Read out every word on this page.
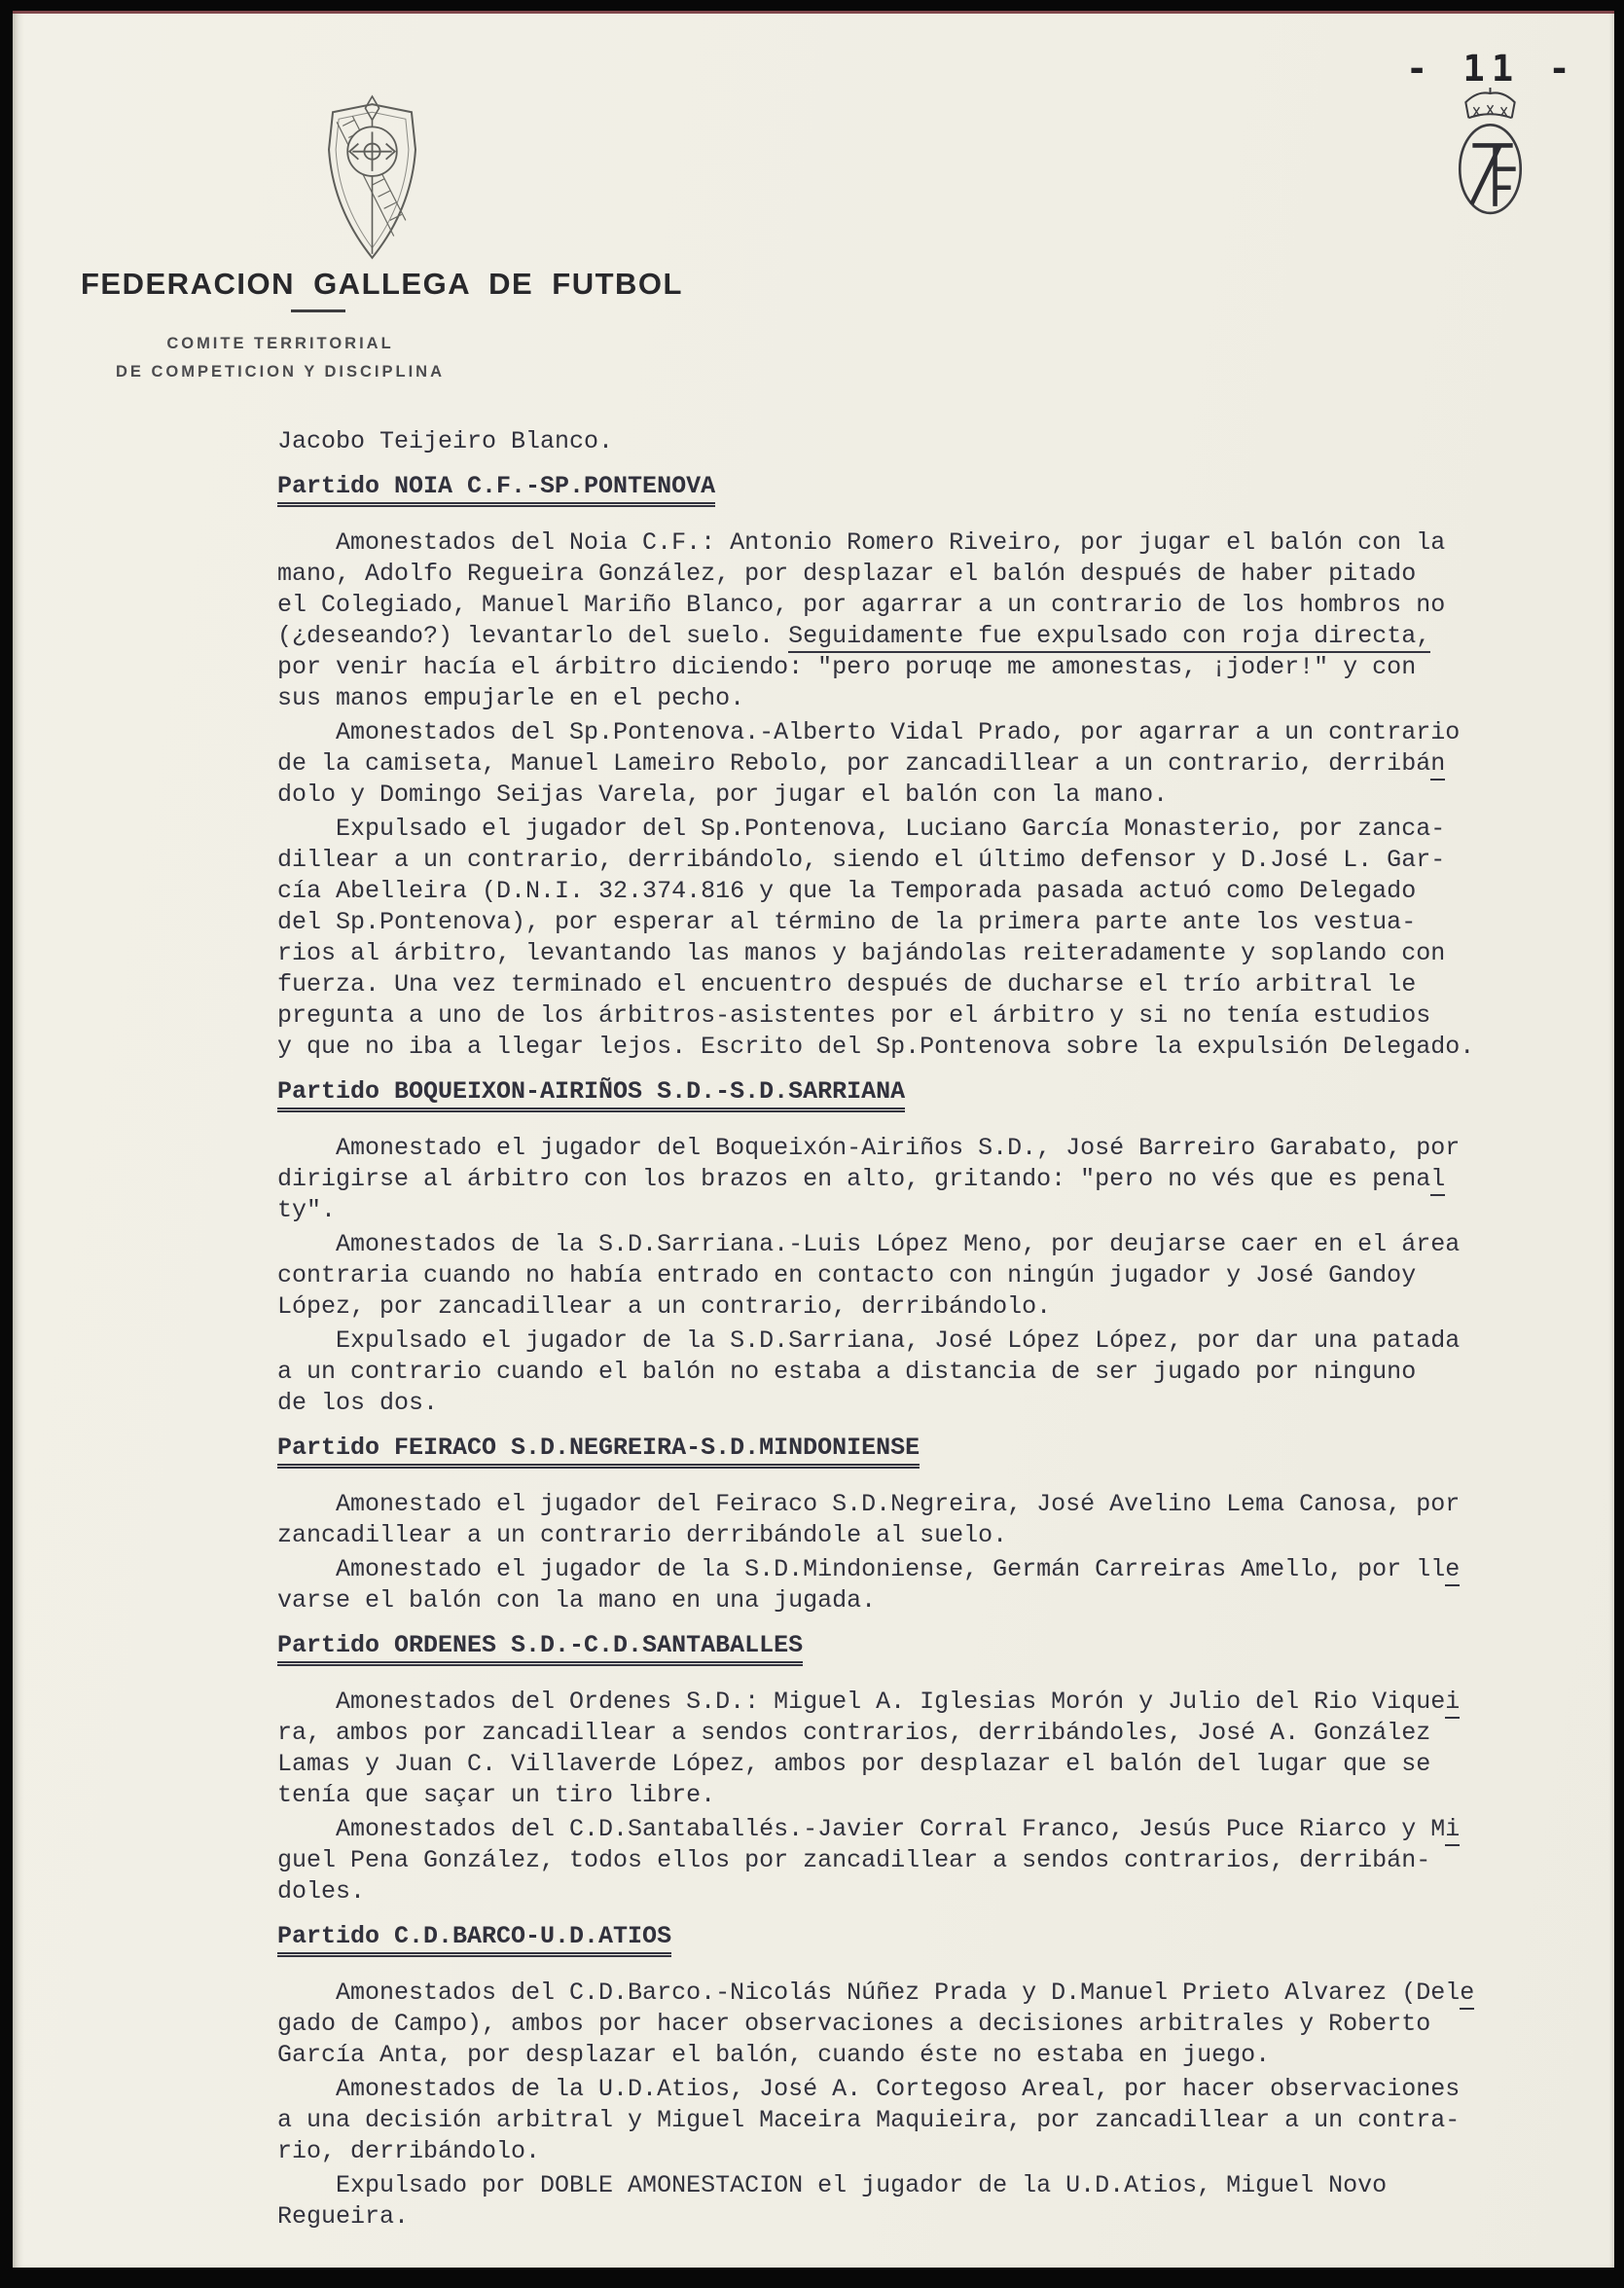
- 11 -
FEDERACION GALLEGA DE FUTBOL

COMITE TERRITORIAL

DE COMPETICION Y DISCIPLINA

Jacobo Teijeiro Blanco.

Partido NOIA C.F.-SP.PONTENOVA
Amonestados del Noia C.F.: Antonio Romero Riveiro, por jugar el balón con la
mano, Adolfo Regueira González, por desplazar el balón después de haber pitado
el Colegiado, Manuel Mariño Blanco, por agarrar a un contrario de los hombros no
(¿deseando?) levantarlo del suelo. Seguidamente fue expulsado con roja directa,
por venir hacía el árbitro diciendo: "pero poruqe me amonestas, ¡joder!" y con
sus manos empujarle en el pecho.
Amonestados del Sp.Pontenova.-Alberto Vidal Prado, por agarrar a un contrario
de la camiseta, Manuel Lameiro Rebolo, por zancadillear a un contrario, derribán
dolo y Domingo Seijas Varela, por jugar el balón con la mano.
Expulsado el jugador del Sp.Pontenova, Luciano García Monasterio, por zanca-
dillear a un contrario, derribándolo, siendo el último defensor y D.José L. Gar-
cía Abelleira (D.N.I. 32.374.816 y que la Temporada pasada actuó como Delegado
del Sp.Pontenova), por esperar al término de la primera parte ante los vestua-
rios al árbitro, levantando las manos y bajándolas reiteradamente y soplando con
fuerza. Una vez terminado el encuentro después de ducharse el trío arbitral le
pregunta a uno de los árbitros-asistentes por el árbitro y si no tenía estudios
y que no iba a llegar lejos. Escrito del Sp.Pontenova sobre la expulsión Delegado.
Partido BOQUEIXON-AIRIÑOS S.D.-S.D.SARRIANA
Amonestado el jugador del Boqueixón-Airiños S.D., José Barreiro Garabato, por
dirigirse al árbitro con los brazos en alto, gritando: "pero no vés que es penal
ty".
Amonestados de la S.D.Sarriana.-Luis López Meno, por deujarse caer en el área
contraria cuando no había entrado en contacto con ningún jugador y José Gandoy
López, por zancadillear a un contrario, derribándolo.
Expulsado el jugador de la S.D.Sarriana, José López López, por dar una patada
a un contrario cuando el balón no estaba a distancia de ser jugado por ninguno
de los dos.
Partido FEIRACO S.D.NEGREIRA-S.D.MINDONIENSE
Amonestado el jugador del Feiraco S.D.Negreira, José Avelino Lema Canosa, por
zancadillear a un contrario derribándole al suelo.
Amonestado el jugador de la S.D.Mindoniense, Germán Carreiras Amello, por lle
varse el balón con la mano en una jugada.
Partido ORDENES S.D.-C.D.SANTABALLES
Amonestados del Ordenes S.D.: Miguel A. Iglesias Morón y Julio del Rio Viquei
ra, ambos por zancadillear a sendos contrarios, derribándoles, José A. González
Lamas y Juan C. Villaverde López, ambos por desplazar el balón del lugar que se
tenía que saçar un tiro libre.
Amonestados del C.D.Santaballés.-Javier Corral Franco, Jesús Puce Riarco y Mi
guel Pena González, todos ellos por zancadillear a sendos contrarios, derribán-
doles.
Partido C.D.BARCO-U.D.ATIOS
Amonestados del C.D.Barco.-Nicolás Núñez Prada y D.Manuel Prieto Alvarez (Dele
gado de Campo), ambos por hacer observaciones a decisiones arbitrales y Roberto
García Anta, por desplazar el balón, cuando éste no estaba en juego.
Amonestados de la U.D.Atios, José A. Cortegoso Areal, por hacer observaciones
a una decisión arbitral y Miguel Maceira Maquieira, por zancadillear a un contra-
rio, derribándolo.
Expulsado por DOBLE AMONESTACION el jugador de la U.D.Atios, Miguel Novo
Regueira.
